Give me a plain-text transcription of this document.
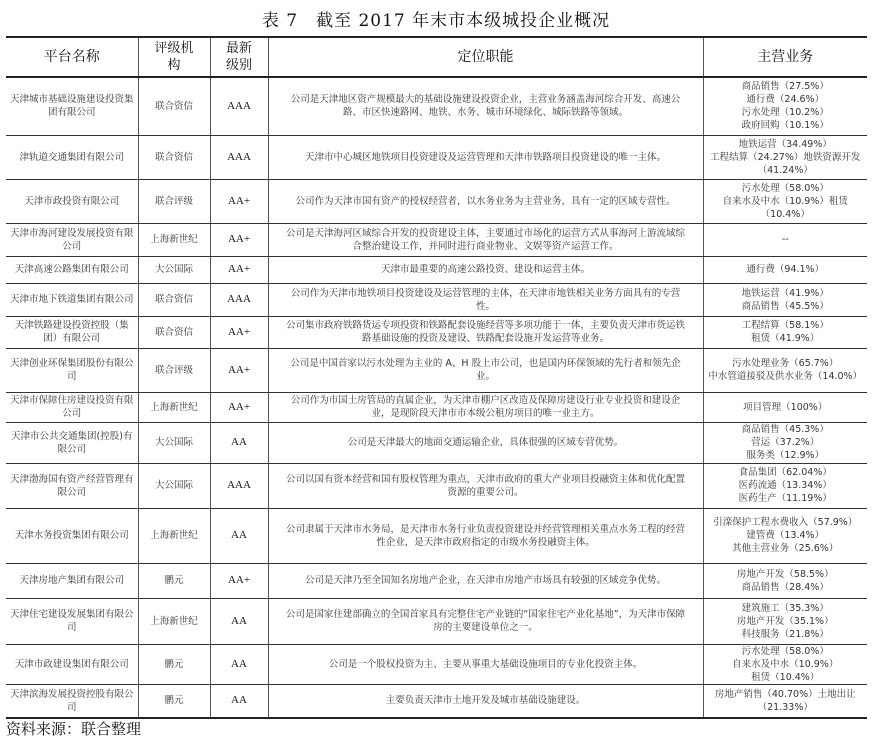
表 7　截至 2017 年末市本级城投企业概况
平台名称	评级机构	最新级别	定位职能	主营业务
天津城市基础设施建设投资集团有限公司	联合资信	AAA	公司是天津地区资产规模最大的基础设施建设投资企业，主营业务涵盖海河综合开发、高速公路、市区快速路网、地铁、水务、城市环境绿化、城际铁路等领域。	商品销售（27.5%）
通行费（24.6%）
污水处理（10.2%）
政府回购（10.1%）

津轨道交通集团有限公司	联合资信	AAA	天津市中心城区地铁项目投资建设及运营管理和天津市铁路项目投资建设的唯一主体。	地铁运营（34.49%）
工程结算（24.27%）地铁资源开发（41.24%）

天津市政投资有限公司	联合评级	AA+	公司作为天津市国有资产的授权经营者，以水务业务为主营业务，具有一定的区域专营性。	污水处理（58.0%）
自来水及中水（10.9%）租赁（10.4%）

天津市海河建设发展投资有限公司	上海新世纪	AA+	公司是天津海河区域综合开发的投资建设主体，主要通过市场化的运营方式从事海河上游流域综合整治建设工作，并同时进行商业物业、文娱等资产运营工作。	--

天津高速公路集团有限公司	大公国际	AA+	天津市最重要的高速公路投资、建设和运营主体。	通行费（94.1%）

天津市地下铁道集团有限公司	联合资信	AAA	公司作为天津市地铁项目投资建设及运营管理的主体，在天津市地铁相关业务方面具有的专营性。	地铁运营（41.9%）
商品销售（45.5%）

天津铁路建设投资控股（集团）有限公司	联合资信	AA+	公司集市政府铁路货运专项投资和铁路配套设施经营等多项功能于一体，主要负责天津市货运铁路基础设施的投资及建设、铁路配套设施开发运营等业务。	工程结算（58.1%）
租赁（41.9%）

天津创业环保集团股份有限公司	联合评级	AA+	公司是中国首家以污水处理为主业的 A、H 股上市公司，也是国内环保领域的先行者和领先企业。	污水处理业务（65.7%）
中水管道接驳及供水业务（14.0%）

天津市保障住房建设投资有限公司	上海新世纪	AA+	公司作为市国土房管局的直属企业，为天津市棚户区改造及保障房建设行业专业投资和建设企业，是现阶段天津市市本级公租房项目的唯一业主方。	项目管理（100%）

天津市公共交通集团(控股)有限公司	大公国际	AA	公司是天津最大的地面交通运输企业，具体很强的区域专营优势。	商品销售（45.3%）
营运（37.2%）
服务类（12.9%）

天津渤海国有资产经营管理有限公司	大公国际	AAA	公司以国有资本经营和国有股权管理为重点，天津市政府的重大产业项目投融资主体和优化配置资源的重要公司。	食品集团（62.04%）
医药流通（13.34%）
医药生产（11.19%）

天津水务投资集团有限公司	上海新世纪	AA	公司隶属于天津市水务局，是天津市水务行业负责投资建设并经营管理相关重点水务工程的经营性企业，是天津市政府指定的市级水务投融资主体。	引滦保护工程水费收入（57.9%）
建管费（13.4%）
其他主营业务（25.6%）

天津房地产集团有限公司	鹏元	AA+	公司是天津乃至全国知名房地产企业，在天津市房地产市场具有较强的区域竞争优势。	房地产开发（58.5%）
商品销售（28.4%）

天津住宅建设发展集团有限公司	上海新世纪	AA	公司是国家住建部确立的全国首家具有完整住宅产业链的“国家住宅产业化基地”，为天津市保障房的主要建设单位之一。	建筑施工（35.3%）
房地产开发（35.1%）
科技服务（21.8%）

天津市政建设集团有限公司	鹏元	AA	公司是一个股权投资为主、主要从事重大基础设施项目的专业化投资主体。	污水处理（58.0%）
自来水及中水（10.9%）
租赁（10.4%）

天津滨海发展投资控股有限公司	鹏元	AA	主要负责天津市土地开发及城市基础设施建设。	房地产销售（40.70%）土地出让（21.33%）
资料来源：联合整理
